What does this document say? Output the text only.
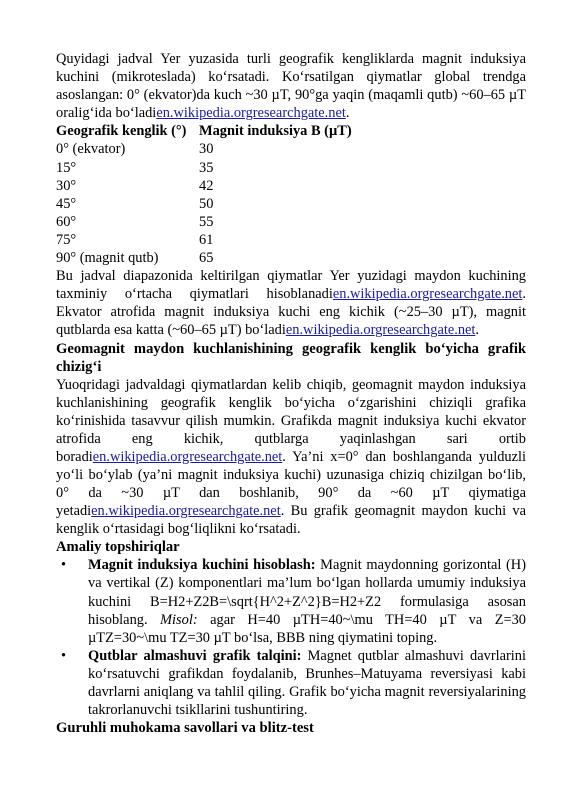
Quyidagi jadval Yer yuzasida turli geografik kengliklarda magnit induksiya kuchini (mikroteslada) ko‘rsatadi. Ko‘rsatilgan qiymatlar global trendga asoslangan: 0° (ekvator)da kuch ~30 µT, 90°ga yaqin (maqamli qutb) ~60–65 µT oralig‘ida bo‘ladien.wikipedia.orgresearchgate.net.

Geografik kenglik (°)	Magnit induksiya B (µT)
0° (ekvator)	30
15°	35
30°	42
45°	50
60°	55
75°	61
90° (magnit qutb)	65

Bu jadval diapazonida keltirilgan qiymatlar Yer yuzidagi maydon kuchining taxminiy o‘rtacha qiymatlari hisoblanadien.wikipedia.orgresearchgate.net. Ekvator atrofida magnit induksiya kuchi eng kichik (~25–30 µT), magnit qutblarda esa katta (~60–65 µT) bo‘ladien.wikipedia.orgresearchgate.net.

Geomagnit maydon kuchlanishining geografik kenglik bo‘yicha grafik chizig‘i

Yuoqridagi jadvaldagi qiymatlardan kelib chiqib, geomagnit maydon induksiya kuchlanishining geografik kenglik bo‘yicha o‘zgarishini chiziqli grafika ko‘rinishida tasavvur qilish mumkin. Grafikda magnit induksiya kuchi ekvator atrofida eng kichik, qutblarga yaqinlashgan sari ortib boradien.wikipedia.orgresearchgate.net. Ya’ni x=0° dan boshlanganda yulduzli yo‘li bo‘ylab (ya’ni magnit induksiya kuchi) uzunasiga chiziq chizilgan bo‘lib, 0° da ~30 µT dan boshlanib, 90° da ~60 µT qiymatiga yetadien.wikipedia.orgresearchgate.net. Bu grafik geomagnit maydon kuchi va kenglik o‘rtasidagi bog‘liqlikni ko‘rsatadi.

Amaliy topshiriqlar
• Magnit induksiya kuchini hisoblash: Magnit maydonning gorizontal (H) va vertikal (Z) komponentlari ma’lum bo‘lgan hollarda umumiy induksiya kuchini B=H2+Z2B=\sqrt{H^2+Z^2}B=H2+Z2 formulasiga asosan hisoblang. Misol: agar H=40 µTH=40~\mu TH=40 µT va Z=30 µTZ=30~\mu TZ=30 µT bo‘lsa, BBB ning qiymatini toping.
• Qutblar almashuvi grafik talqini: Magnet qutblar almashuvi davrlarini ko‘rsatuvchi grafikdan foydalanib, Brunhes–Matuyama reversiyasi kabi davrlarni aniqlang va tahlil qiling. Grafik bo‘yicha magnit reversiyalarining takrorlanuvchi tsikllarini tushuntiring.
Guruhli muhokama savollari va blitz-test
